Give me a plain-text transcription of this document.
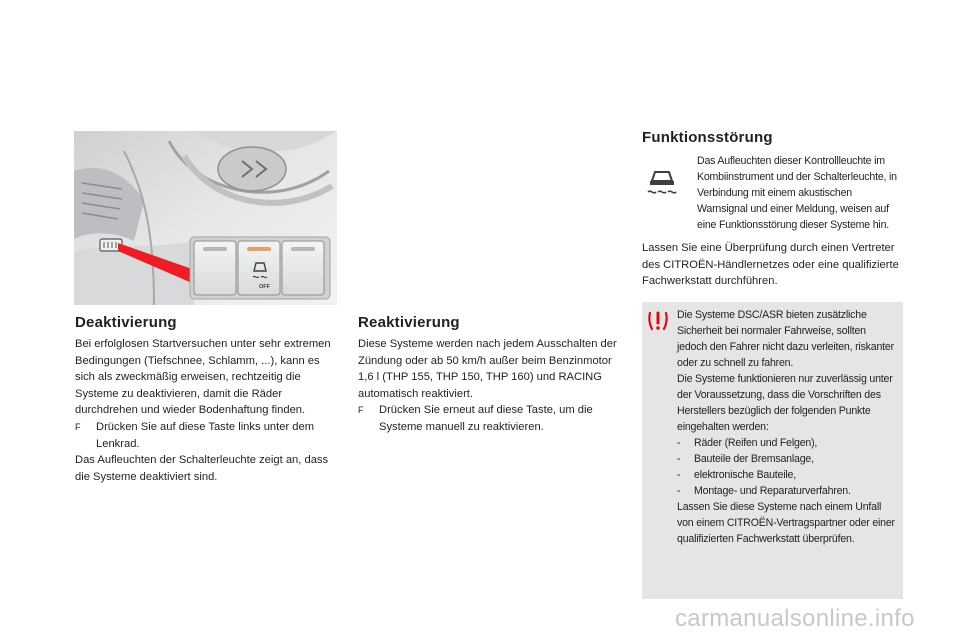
OFF
Deaktivierung

Bei erfolglosen Startversuchen unter sehr extremen Bedingungen (Tiefschnee, Schlamm, ...), kann es sich als zweckmäßig erweisen, rechtzeitig die Systeme zu deaktivieren, damit die Räder durchdrehen und wieder Bodenhaftung finden.

F	Drücken Sie auf diese Taste links unter dem Lenkrad.

Das Aufleuchten der Schalterleuchte zeigt an, dass die Systeme deaktiviert sind.

Reaktivierung

Diese Systeme werden nach jedem Ausschalten der Zündung oder ab 50 km/h außer beim Benzinmotor 1,6 l (THP 155, THP 150, THP 160) und RACING automatisch reaktiviert.

F	Drücken Sie erneut auf diese Taste, um die Systeme manuell zu reaktivieren.
Funktionsstörung
Das Aufleuchten dieser Kontrollleuchte im Kombiinstrument und der Schalterleuchte, in Verbindung mit einem akustischen Warnsignal und einer Meldung, weisen auf eine Funktionsstörung dieser Systeme hin.
Lassen Sie eine Überprüfung durch einen Vertreter des CITROËN-Händlernetzes oder eine qualifizierte Fachwerkstatt durchführen.
Die Systeme DSC/ASR bieten zusätzliche Sicherheit bei normaler Fahrweise, sollten jedoch den Fahrer nicht dazu verleiten, riskanter oder zu schnell zu fahren.
Die Systeme funktionieren nur zuverlässig unter der Voraussetzung, dass die Vorschriften des Herstellers bezüglich der folgenden Punkte eingehalten werden:
-	Räder (Reifen und Felgen),
-	Bauteile der Bremsanlage,
-	elektronische Bauteile,
-	Montage- und Reparaturverfahren.
Lassen Sie diese Systeme nach einem Unfall von einem CITROËN-Vertragspartner oder einer qualifizierten Fachwerkstatt überprüfen.
carmanualsonline.info
